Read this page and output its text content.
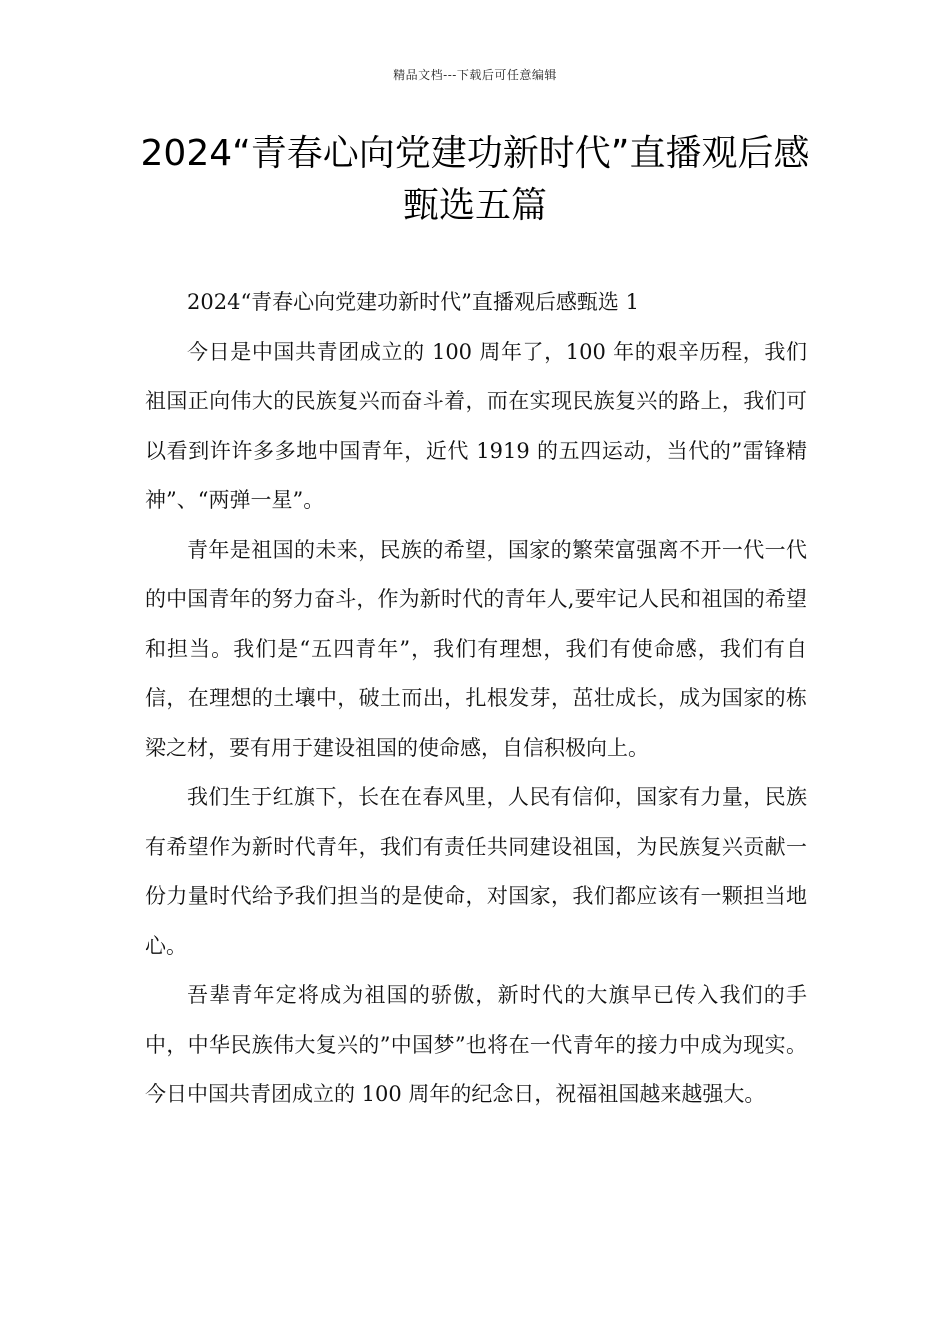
精品文档---下载后可任意编辑
2024“青春心向党建功新时代”直播观后感甄选五篇

2024“青春心向党建功新时代”直播观后感甄选 1

今日是中国共青团成立的 100 周年了，100 年的艰辛历程，我们祖国正向伟大的民族复兴而奋斗着，而在实现民族复兴的路上，我们可以看到许许多多地中国青年，近代 1919 的五四运动，当代的”雷锋精神”、“两弹一星”。

青年是祖国的未来，民族的希望，国家的繁荣富强离不开一代一代的中国青年的努力奋斗，作为新时代的青年人,要牢记人民和祖国的希望和担当。我们是“五四青年”，我们有理想，我们有使命感，我们有自信，在理想的土壤中，破土而出，扎根发芽，茁壮成长，成为国家的栋梁之材，要有用于建设祖国的使命感，自信积极向上。

我们生于红旗下，长在在春风里，人民有信仰，国家有力量，民族有希望作为新时代青年，我们有责任共同建设祖国，为民族复兴贡献一份力量时代给予我们担当的是使命，对国家，我们都应该有一颗担当地心。

吾辈青年定将成为祖国的骄傲，新时代的大旗早已传入我们的手中，中华民族伟大复兴的”中国梦”也将在一代青年的接力中成为现实。今日中国共青团成立的 100 周年的纪念日，祝福祖国越来越强大。
